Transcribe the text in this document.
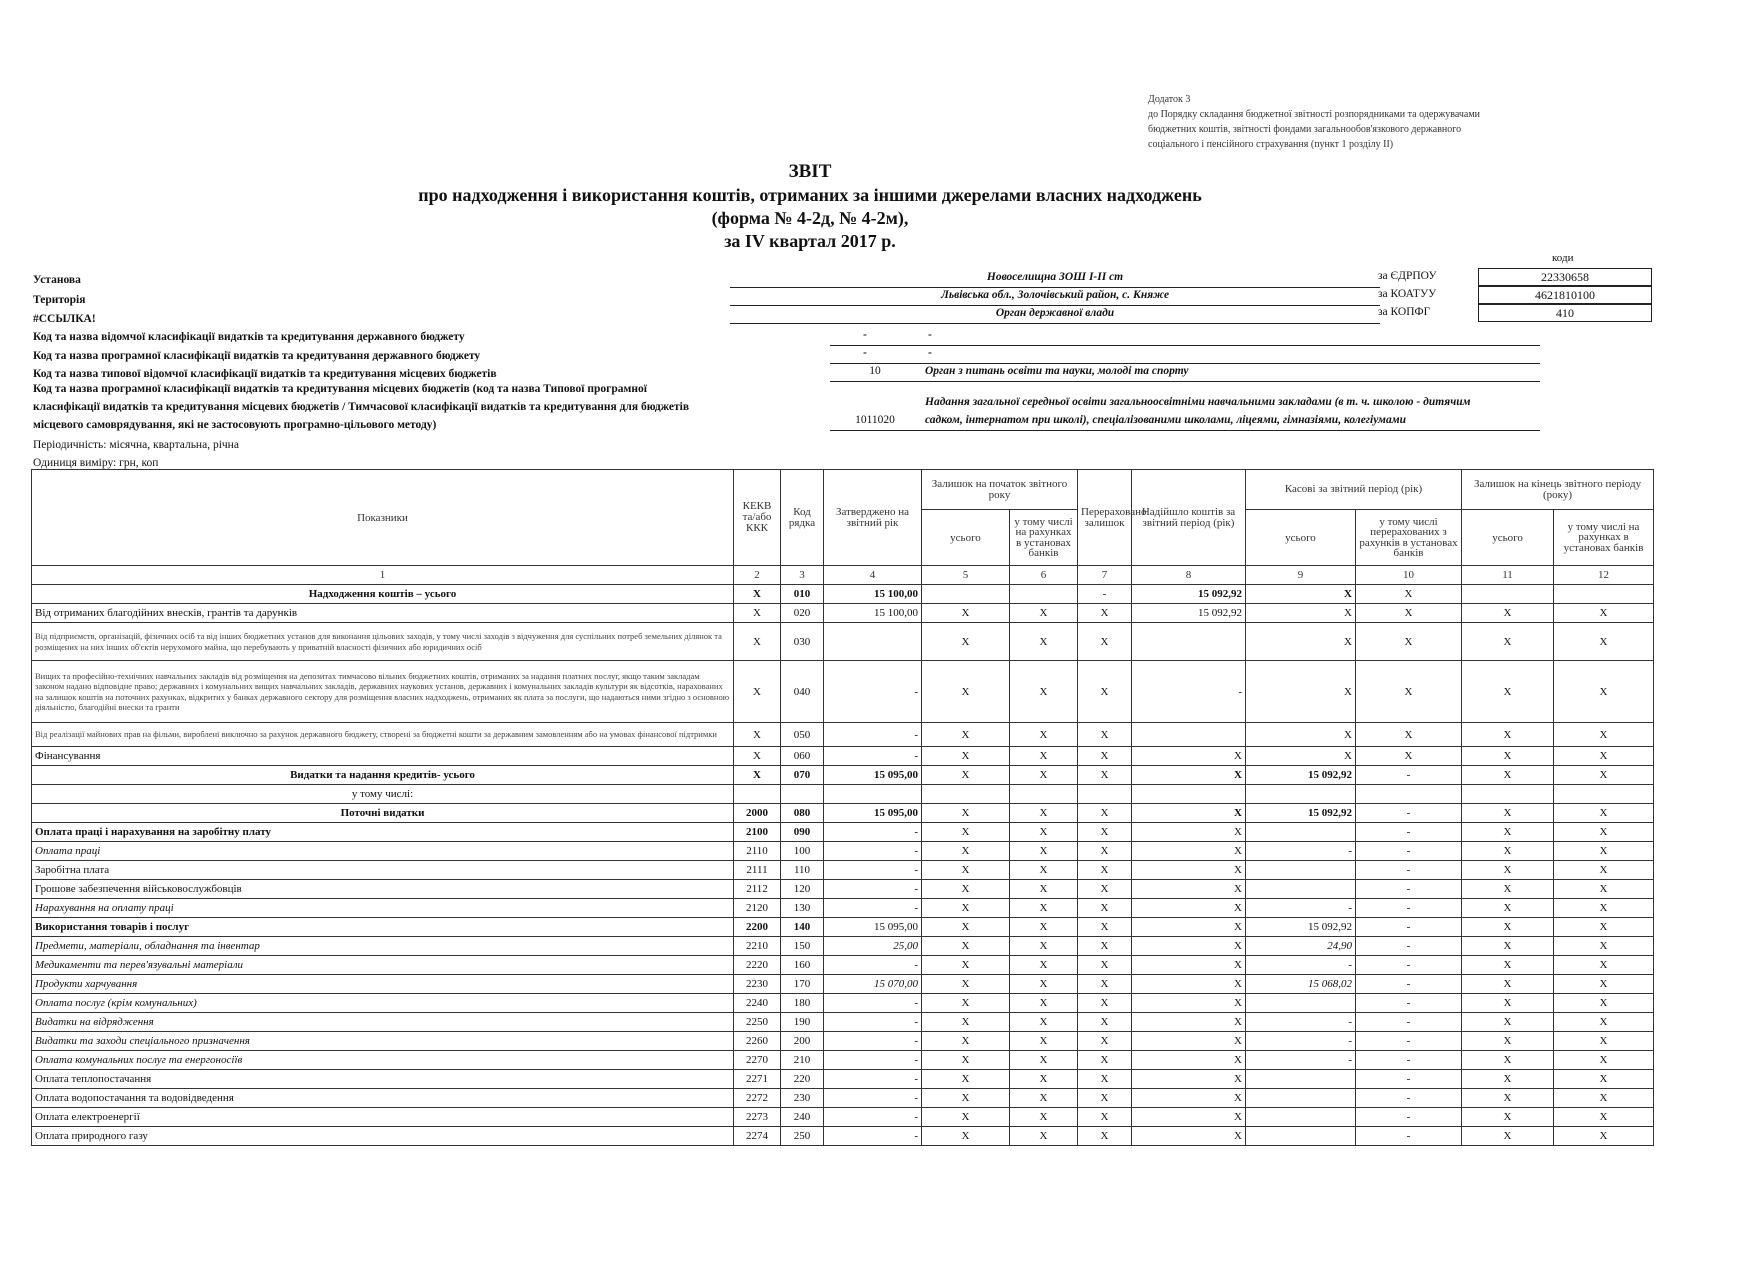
Додаток 3
до Порядку складання бюджетної звітності розпорядниками та одержувачами
бюджетних коштів, звітності фондами загальнообов'язкового державного
соціального і пенсійного страхування (пункт 1 розділу II)
ЗВІТ
про надходження і використання коштів, отриманих за іншими джерелами власних надходжень
(форма № 4-2д, № 4-2м),
за IV квартал 2017 р.
коди
Установа	Новоселищна ЗОШ I-II ст
Територія	Львівська обл., Золочівський район, с. Княже
#ССЫЛКА!	Орган державної влади
за ЄДРПОУ	22330658
за КОАТУУ	4621810100
за КОПФГ	410
Код та назва відомчої класифікації видатків та кредитування державного бюджету	-	-
Код та назва програмної класифікації видатків та кредитування державного бюджету	-	-
Код та назва типової відомчої класифікації видатків та кредитування місцевих бюджетів	10	Орган з питань освіти та науки, молоді та спорту
Код та назва програмної класифікації видатків та кредитування місцевих бюджетів (код та назва Типової програмної
класифікації видатків та кредитування місцевих бюджетів / Тимчасової класифікації видатків та кредитування для бюджетів
місцевого самоврядування, які не застосовують програмно-цільового методу)	1011020
Надання загальної середньої освіти загальноосвітніми навчальними закладами (в т. ч. школою - дитячим
садком, інтернатом при школі), спеціалізованими школами, ліцеями, гімназіями, колегіумами
Періодичність: місячна, квартальна, річна
Одиниця виміру: грн, коп
Показники	КЕКВ та/або ККК	Код рядка	Затверджено на звітний рік	Залишок на початок звітного року		Перераховано залишок	Надійшло коштів за звітний період (рік)	Касові за звітний період (рік)		Залишок на кінець звітного періоду (року)	
				усього	у тому числі на рахунках в установах банків			усього	у тому числі перерахованих з рахунків в установах банків	усього	у тому числі на рахунках в установах банків
1	2	3	4	5	6	7	8	9	10	11	12
Надходження коштів – усього	X	010	15 100,00			-	15 092,92	X	X		
Від отриманих благодійних внесків, грантів та дарунків	X	020	15 100,00	X	X	X	15 092,92	X	X	X	X
Від підприємств, організацій, фізичних осіб та від інших бюджетних установ для виконання цільових заходів, у тому числі заходів з відчуження для суспільних потреб земельних ділянок та розміщених на них інших об'єктів нерухомого майна, що перебувають у приватній власності фізичних або юридичних осіб	X	030		X	X	X		X	X	X	X
Вищих та професійно-технічних навчальних закладів від розміщення на депозитах тимчасово вільних бюджетних коштів, отриманих за надання платних послуг, якщо таким закладам законом надано відповідне право; державних і комунальних вищих навчальних закладів, державних наукових установ, державних і комунальних закладів культури як відсотків, нарахованих на залишок коштів на поточних рахунках, відкритих у банках державного сектору для розміщення власних надходжень, отриманих як плата за послуги, що надаються ними згідно з основною діяльністю, благодійні внески та гранти	X	040	-	X	X	X	-	X	X	X	X
Від реалізації майнових прав на фільми, вироблені виключно за рахунок державного бюджету, створені за бюджетні кошти за державним замовленням або на умовах фінансової підтримки	X	050	-	X	X	X		X	X	X	X
Фінансування	X	060	-	X	X	X	X	X	X	X	X
Видатки та надання кредитів- усього	X	070	15 095,00	X	X	X	X	15 092,92	-	X	X
у тому числі:											
Поточні видатки	2000	080	15 095,00	X	X	X	X	15 092,92	-	X	X
Оплата праці і нарахування на заробітну плату	2100	090	-	X	X	X	X		-	X	X
Оплата праці	2110	100	-	X	X	X	X	-	-	X	X
Заробітна плата	2111	110	-	X	X	X	X		-	X	X
Грошове забезпечення військовослужбовців	2112	120	-	X	X	X	X		-	X	X
Нарахування на оплату праці	2120	130	-	X	X	X	X	-	-	X	X
Використання товарів і послуг	2200	140	15 095,00	X	X	X	X	15 092,92	-	X	X
Предмети, матеріали, обладнання та інвентар	2210	150	25,00	X	X	X	X	24,90	-	X	X
Медикаменти та перев'язувальні матеріали	2220	160	-	X	X	X	X	-	-	X	X
Продукти харчування	2230	170	15 070,00	X	X	X	X	15 068,02	-	X	X
Оплата послуг (крім комунальних)	2240	180	-	X	X	X	X		-	X	X
Видатки на відрядження	2250	190	-	X	X	X	X	-	-	X	X
Видатки та заходи спеціального призначення	2260	200	-	X	X	X	X	-	-	X	X
Оплата комунальних послуг та енергоносіїв	2270	210	-	X	X	X	X	-	-	X	X
Оплата теплопостачання	2271	220	-	X	X	X	X		-	X	X
Оплата водопостачання та водовідведення	2272	230	-	X	X	X	X		-	X	X
Оплата електроенергії	2273	240	-	X	X	X	X		-	X	X
Оплата природного газу	2274	250	-	X	X	X	X		-	X	X
